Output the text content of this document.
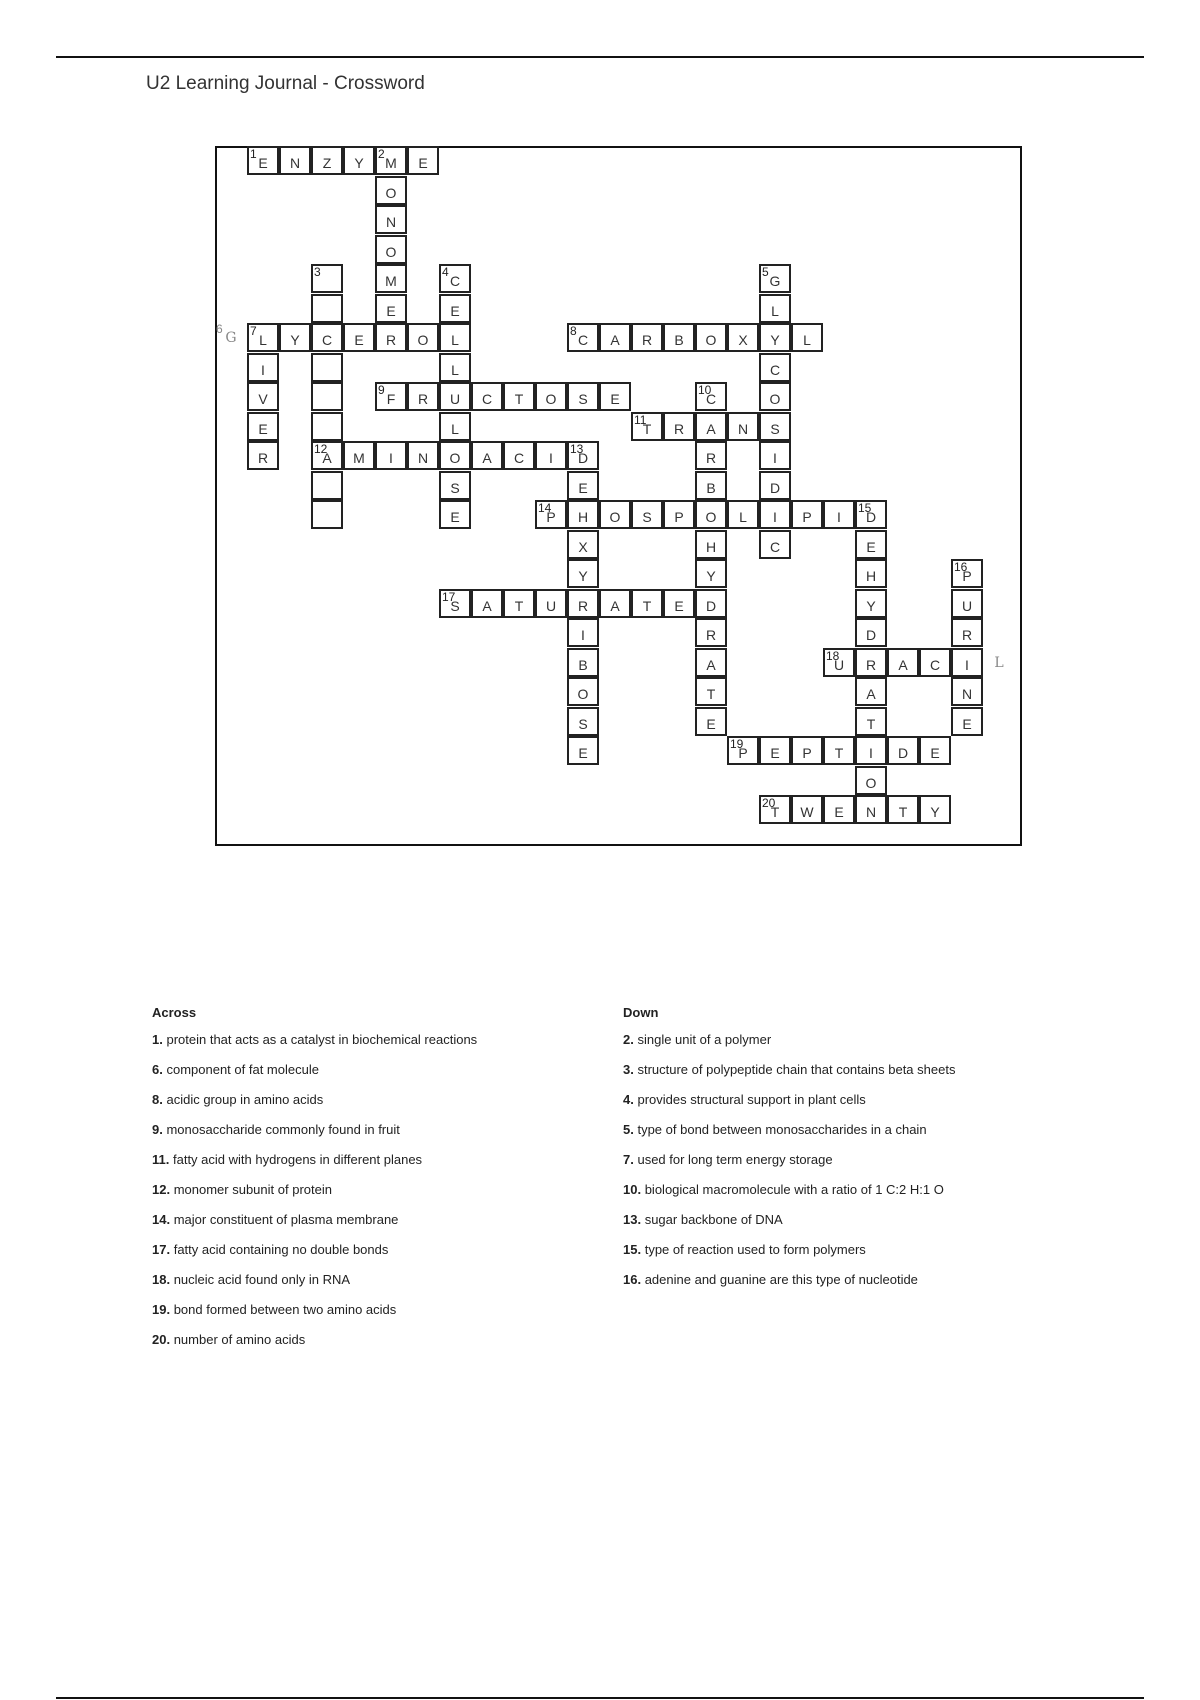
U2 Learning Journal - Crossword
1
E	N	Z	Y
2
M	E
O
N
O
M
E
3	4
C
E
L
U
L
S
E
5
G
L
C
O
S
I
D
I
C
6
G	7
L	Y	C	E	R	O	L
I
V
E
R
8
C	A	R	B	O	X	Y	L
9
F	R	C	T	O	S	E
10
C
A
R
B
O
H
Y
D
R
A
T
E
11
T	R	N
12
A	M	I	N	O	A	C	I
13
D
E
X
Y
R
I
B
O
S
E
14
P	H	O	S	P	L	P	I
15
D
E
H
Y
D
R
A
T
I
O
N
16
P
U
R
I
N
E
17
S	A	T	U	A	T	E
18
U	A	C	L
19
P	E	P	T	D	E
20
T	W	E	T	Y
Across
1. protein that acts as a catalyst in biochemical reactions
6. component of fat molecule
8. acidic group in amino acids
9. monosaccharide commonly found in fruit
11. fatty acid with hydrogens in different planes
12. monomer subunit of protein
14. major constituent of plasma membrane
17. fatty acid containing no double bonds
18. nucleic acid found only in RNA
19. bond formed between two amino acids
20. number of amino acids
Down
2. single unit of a polymer
3. structure of polypeptide chain that contains beta sheets
4. provides structural support in plant cells
5. type of bond between monosaccharides in a chain
7. used for long term energy storage
10. biological macromolecule with a ratio of 1 C:2 H:1 O
13. sugar backbone of DNA
15. type of reaction used to form polymers
16. adenine and guanine are this type of nucleotide
